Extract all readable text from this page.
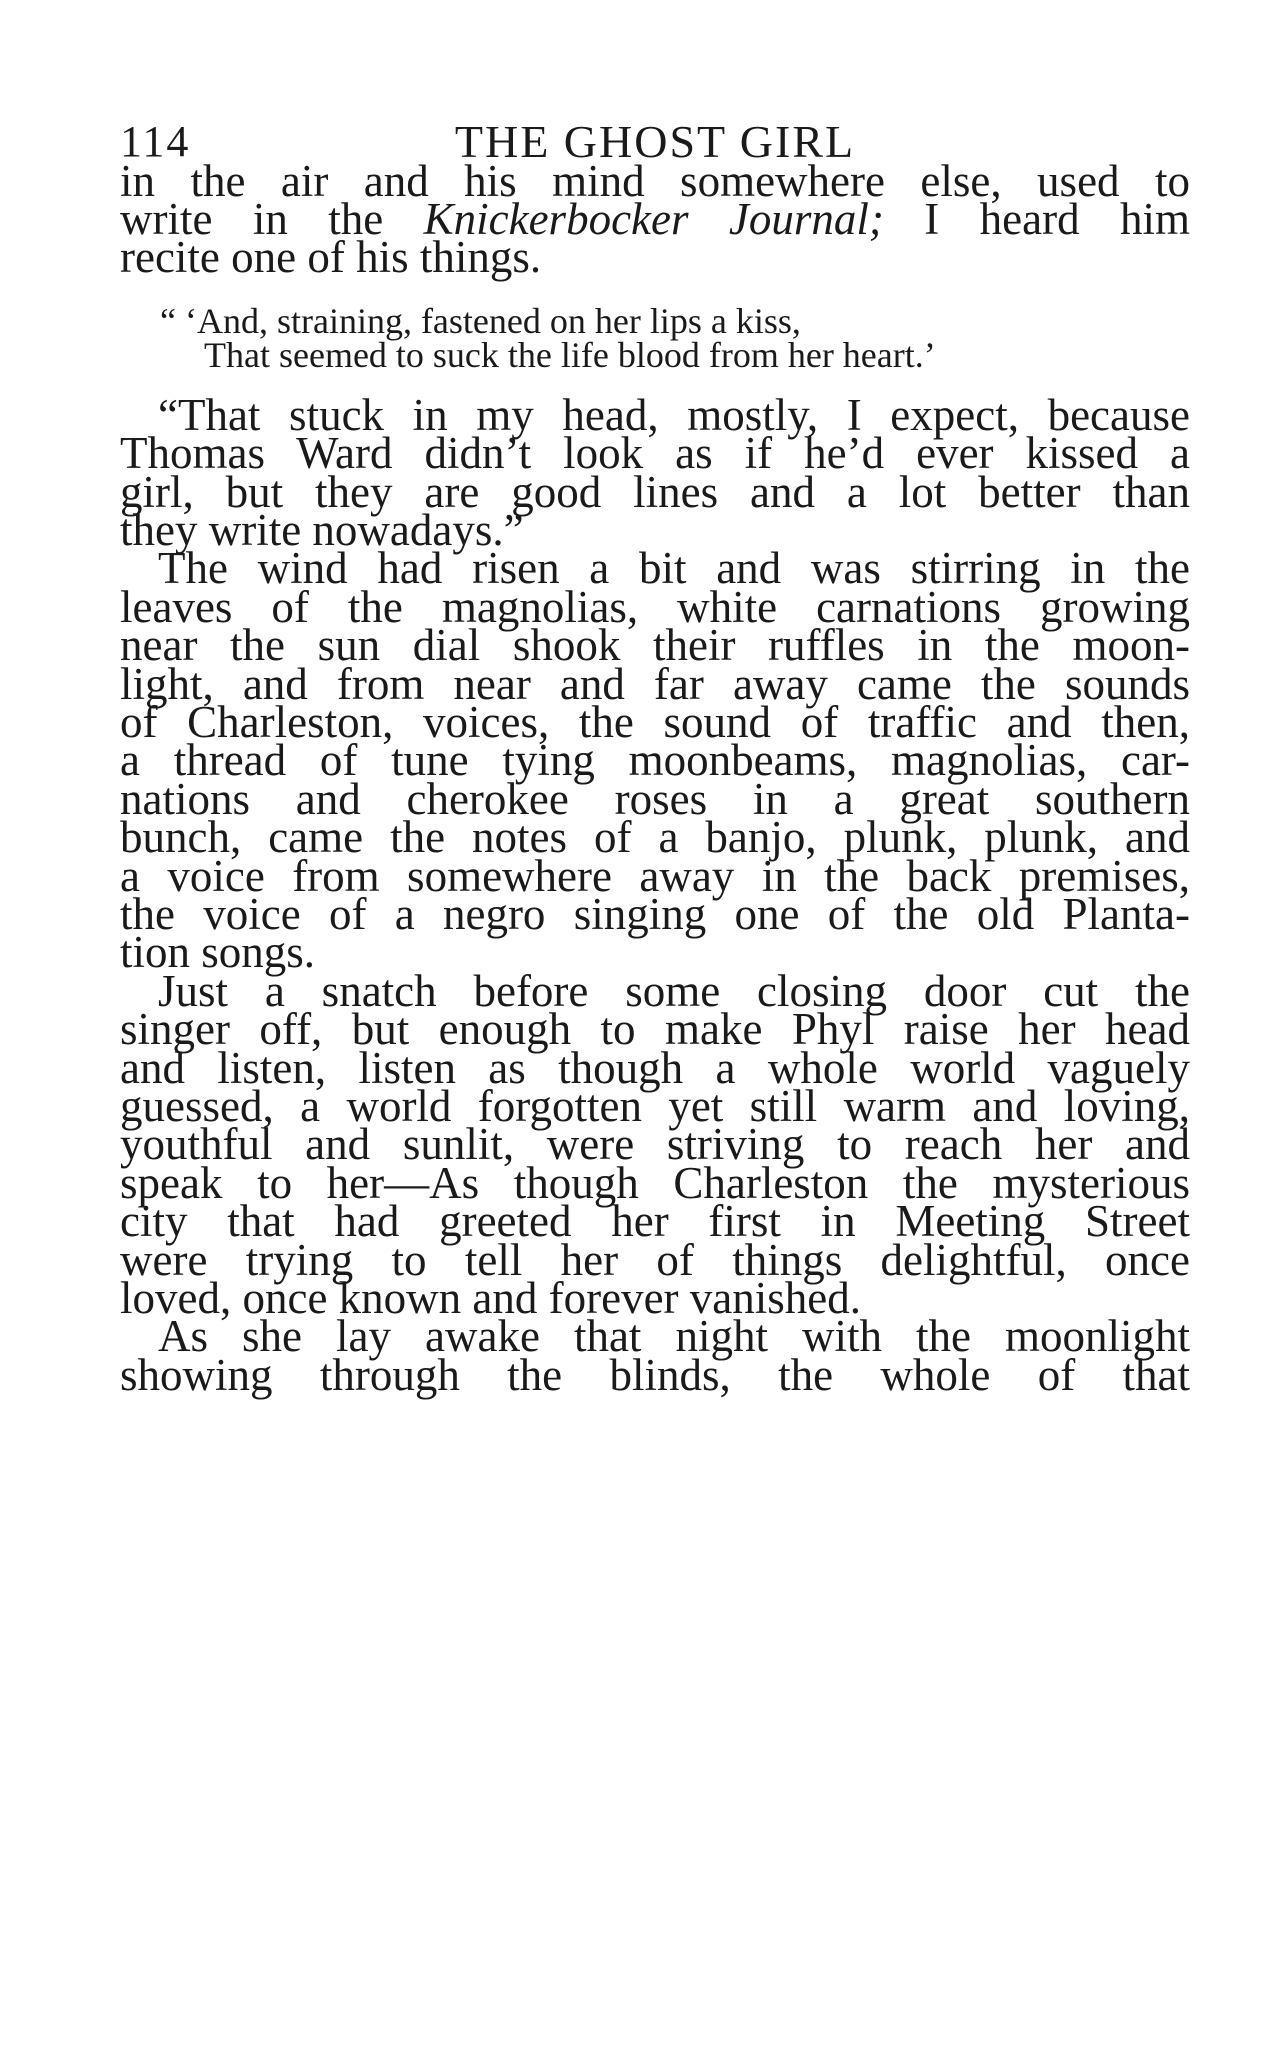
114	THE GHOST GIRL

in the air and his mind somewhere else, used to

write in the Knickerbocker Journal; I heard him

recite one of his things.

“ ‘And, straining, fastened on her lips a kiss,

That seemed to suck the life blood from her heart.’

“That stuck in my head, mostly, I expect, because

Thomas Ward didn’t look as if he’d ever kissed a

girl, but they are good lines and a lot better than

they write nowadays.”

The wind had risen a bit and was stirring in the

leaves of the magnolias, white carnations growing

near the sun dial shook their ruffles in the moon-

light, and from near and far away came the sounds

of Charleston, voices, the sound of traffic and then,

a thread of tune tying moonbeams, magnolias, car-

nations and cherokee roses in a great southern

bunch, came the notes of a banjo, plunk, plunk, and

a voice from somewhere away in the back premises,

the voice of a negro singing one of the old Planta-

tion songs.

Just a snatch before some closing door cut the

singer off, but enough to make Phyl raise her head

and listen, listen as though a whole world vaguely

guessed, a world forgotten yet still warm and loving,

youthful and sunlit, were striving to reach her and

speak to her—As though Charleston the mysterious

city that had greeted her first in Meeting Street

were trying to tell her of things delightful, once

loved, once known and forever vanished.

As she lay awake that night with the moonlight

showing through the blinds, the whole of that
